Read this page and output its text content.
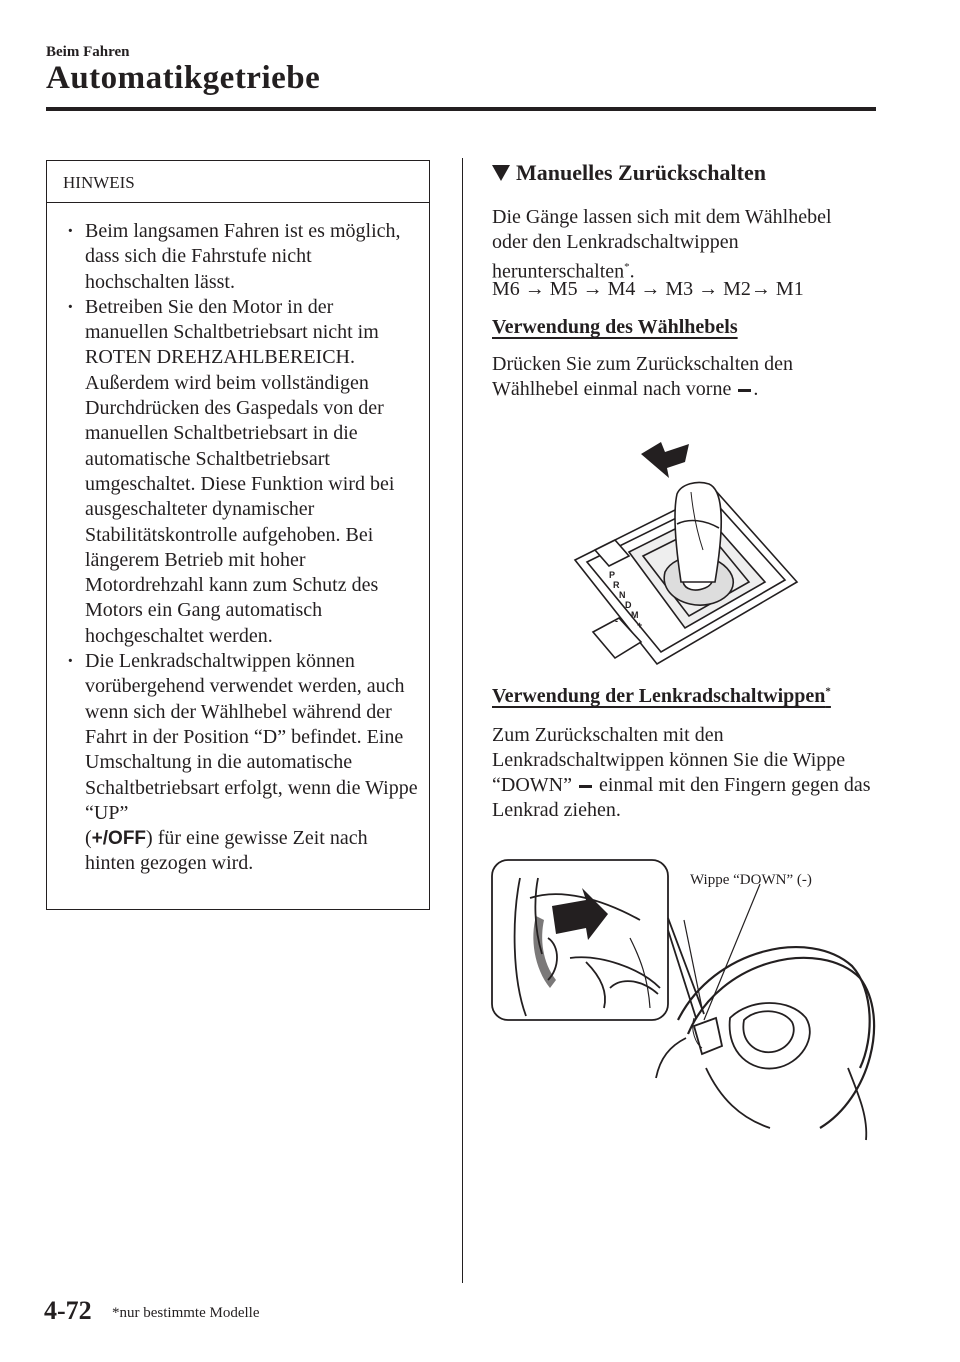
Beim Fahren
Automatikgetriebe
HINWEIS
· Beim langsamen Fahren ist es möglich, dass sich die Fahrstufe nicht hochschalten lässt.
· Betreiben Sie den Motor in der manuellen Schaltbetriebsart nicht im ROTEN DREHZAHLBEREICH. Außerdem wird beim vollständigen Durchdrücken des Gaspedals von der manuellen Schaltbetriebsart in die automatische Schaltbetriebsart umgeschaltet. Diese Funktion wird bei ausgeschalteter dynamischer Stabilitätskontrolle aufgehoben. Bei längerem Betrieb mit hoher Motordrehzahl kann zum Schutz des Motors ein Gang automatisch hochgeschaltet werden.
· Die Lenkradschaltwippen können vorübergehend verwendet werden, auch wenn sich der Wählhebel während der Fahrt in der Position “D” befindet. Eine Umschaltung in die automatische Schaltbetriebsart erfolgt, wenn die Wippe “UP”
(+/OFF) für eine gewisse Zeit nach hinten gezogen wird.
Manuelles Zurückschalten
Die Gänge lassen sich mit dem Wählhebel oder den Lenkradschaltwippen herunterschalten*.
M6 → M5 → M4 → M3 → M2→ M1
Verwendung des Wählhebels
Drücken Sie zum Zurückschalten den Wählhebel einmal nach vorne .
P
R
N
D
M
+
-
Verwendung der Lenkradschaltwippen*
Zum Zurückschalten mit den Lenkradschaltwippen können Sie die Wippe “DOWN” einmal mit den Fingern gegen das Lenkrad ziehen.
Wippe “DOWN” (-)
4-72 *nur bestimmte Modelle
